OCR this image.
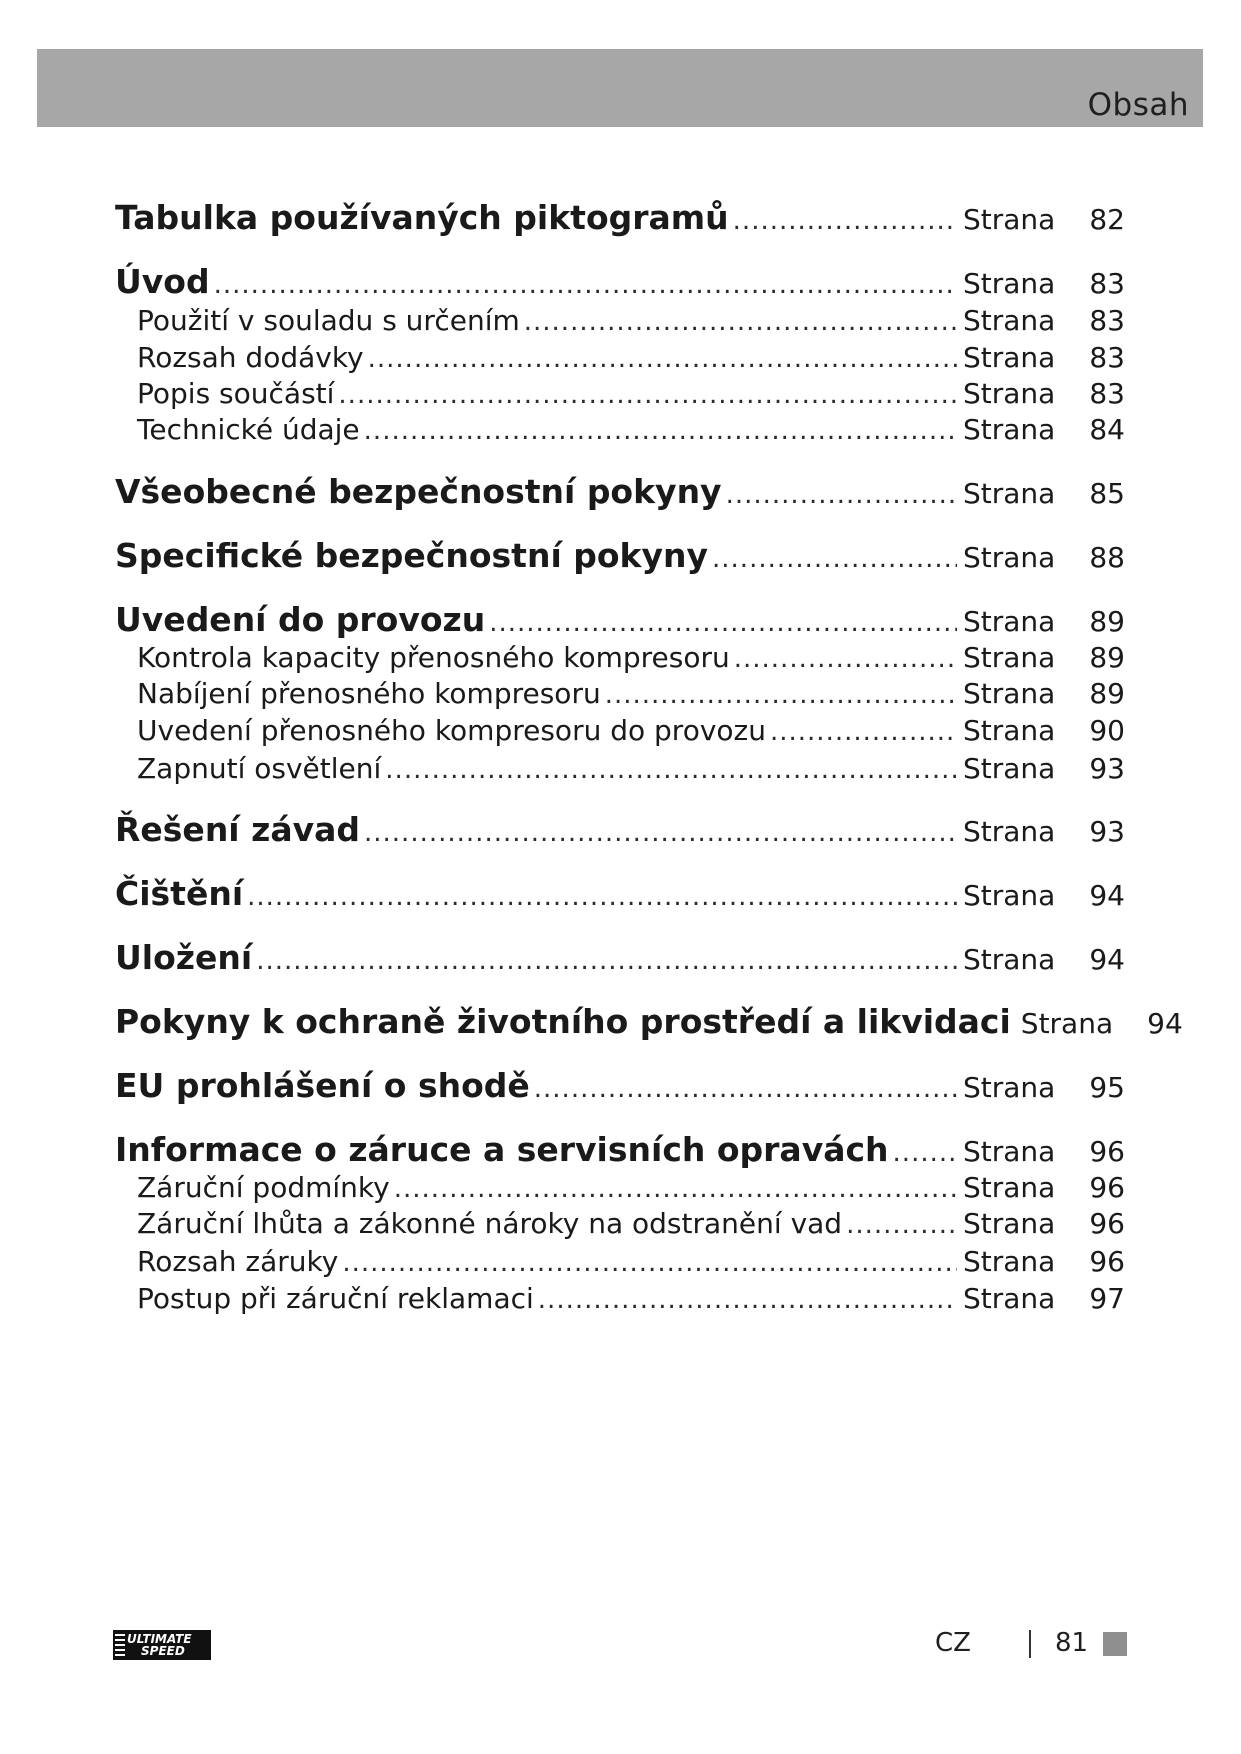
Obsah
Tabulka používaných piktogramů .....	Strana	82
Úvod .....	Strana	83
Použití v souladu s určením .....	Strana	83
Rozsah dodávky .....	Strana	83
Popis součástí .....	Strana	83
Technické údaje .....	Strana	84
Všeobecné bezpečnostní pokyny .....	Strana	85
Specifické bezpečnostní pokyny .....	Strana	88
Uvedení do provozu .....	Strana	89
Kontrola kapacity přenosného kompresoru .....	Strana	89
Nabíjení přenosného kompresoru .....	Strana	89
Uvedení přenosného kompresoru do provozu .....	Strana	90
Zapnutí osvětlení .....	Strana	93
Řešení závad .....	Strana	93
Čištění .....	Strana	94
Uložení .....	Strana	94
Pokyny k ochraně životního prostředí a likvidaci Strana	94
EU prohlášení o shodě .....	Strana	95
Informace o záruce a servisních opravách .....	Strana	96
Záruční podmínky .....	Strana	96
Záruční lhůta a zákonné nároky na odstranění vad .....	Strana	96
Rozsah záruky .....	Strana	96
Postup při záruční reklamaci .....	Strana	97
ULTIMATE
SPEED	CZ	81
